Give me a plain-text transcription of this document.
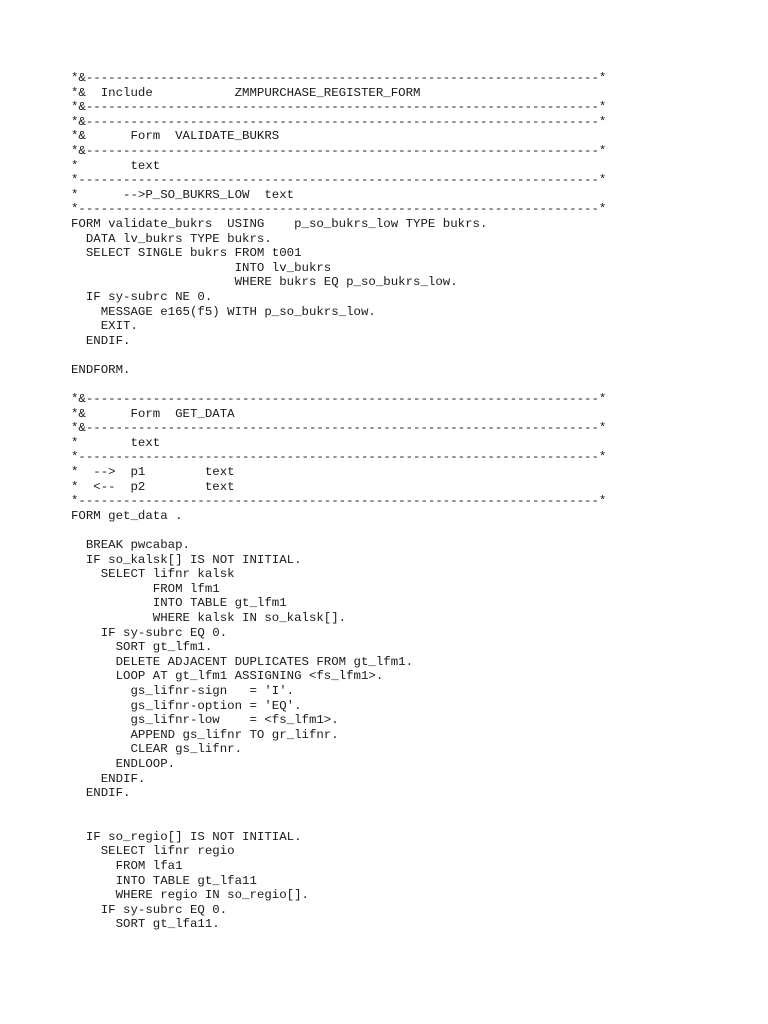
*&---------------------------------------------------------------------*
*&  Include           ZMMPURCHASE_REGISTER_FORM
*&---------------------------------------------------------------------*
*&---------------------------------------------------------------------*
*&      Form  VALIDATE_BUKRS
*&---------------------------------------------------------------------*
*       text
*----------------------------------------------------------------------*
*      -->P_SO_BUKRS_LOW  text
*----------------------------------------------------------------------*
FORM validate_bukrs  USING    p_so_bukrs_low TYPE bukrs.
DATA lv_bukrs TYPE bukrs.
SELECT SINGLE bukrs FROM t001
INTO lv_bukrs
WHERE bukrs EQ p_so_bukrs_low.
IF sy-subrc NE 0.
MESSAGE e165(f5) WITH p_so_bukrs_low.
EXIT.
ENDIF.
ENDFORM.
*&---------------------------------------------------------------------*
*&      Form  GET_DATA
*&---------------------------------------------------------------------*
*       text
*----------------------------------------------------------------------*
*  -->  p1        text
*  <--  p2        text
*----------------------------------------------------------------------*
FORM get_data .
BREAK pwcabap.
IF so_kalsk[] IS NOT INITIAL.
SELECT lifnr kalsk
FROM lfm1
INTO TABLE gt_lfm1
WHERE kalsk IN so_kalsk[].
IF sy-subrc EQ 0.
SORT gt_lfm1.
DELETE ADJACENT DUPLICATES FROM gt_lfm1.
LOOP AT gt_lfm1 ASSIGNING <fs_lfm1>.
gs_lifnr-sign   = 'I'.
gs_lifnr-option = 'EQ'.
gs_lifnr-low    = <fs_lfm1>.
APPEND gs_lifnr TO gr_lifnr.
CLEAR gs_lifnr.
ENDLOOP.
ENDIF.
ENDIF.
IF so_regio[] IS NOT INITIAL.
SELECT lifnr regio
FROM lfa1
INTO TABLE gt_lfa11
WHERE regio IN so_regio[].
IF sy-subrc EQ 0.
SORT gt_lfa11.
